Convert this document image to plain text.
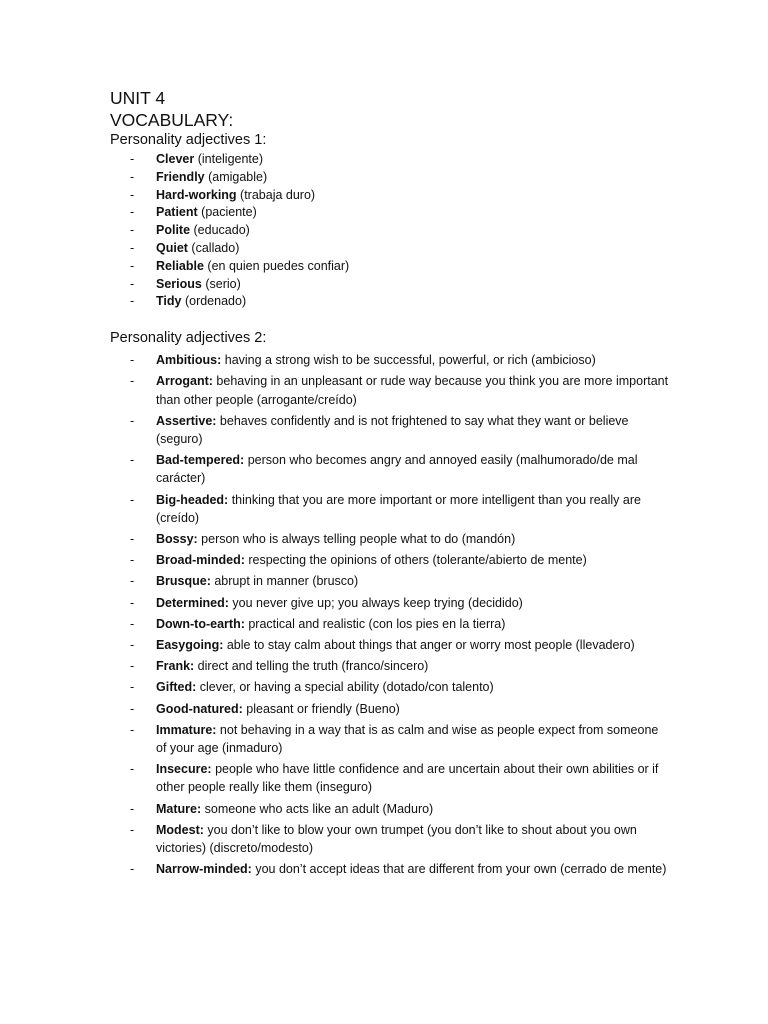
UNIT 4

VOCABULARY:

Personality adjectives 1:

- Clever (inteligente)
- Friendly (amigable)
- Hard-working (trabaja duro)
- Patient (paciente)
- Polite (educado)
- Quiet (callado)
- Reliable (en quien puedes confiar)
- Serious (serio)
- Tidy (ordenado)

Personality adjectives 2:

- Ambitious: having a strong wish to be successful, powerful, or rich (ambicioso)
- Arrogant: behaving in an unpleasant or rude way because you think you are more important than other people (arrogante/creído)
- Assertive: behaves confidently and is not frightened to say what they want or believe (seguro)
- Bad-tempered: person who becomes angry and annoyed easily (malhumorado/de mal carácter)
- Big-headed: thinking that you are more important or more intelligent than you really are (creído)
- Bossy: person who is always telling people what to do (mandón)
- Broad-minded: respecting the opinions of others (tolerante/abierto de mente)
- Brusque: abrupt in manner (brusco)
- Determined: you never give up; you always keep trying (decidido)
- Down-to-earth: practical and realistic (con los pies en la tierra)
- Easygoing: able to stay calm about things that anger or worry most people (llevadero)
- Frank: direct and telling the truth (franco/sincero)
- Gifted: clever, or having a special ability (dotado/con talento)
- Good-natured: pleasant or friendly (Bueno)
- Immature: not behaving in a way that is as calm and wise as people expect from someone of your age (inmaduro)
- Insecure: people who have little confidence and are uncertain about their own abilities or if other people really like them (inseguro)
- Mature: someone who acts like an adult (Maduro)
- Modest: you don’t like to blow your own trumpet (you don’t like to shout about you own victories) (discreto/modesto)
- Narrow-minded: you don’t accept ideas that are different from your own (cerrado de mente)
